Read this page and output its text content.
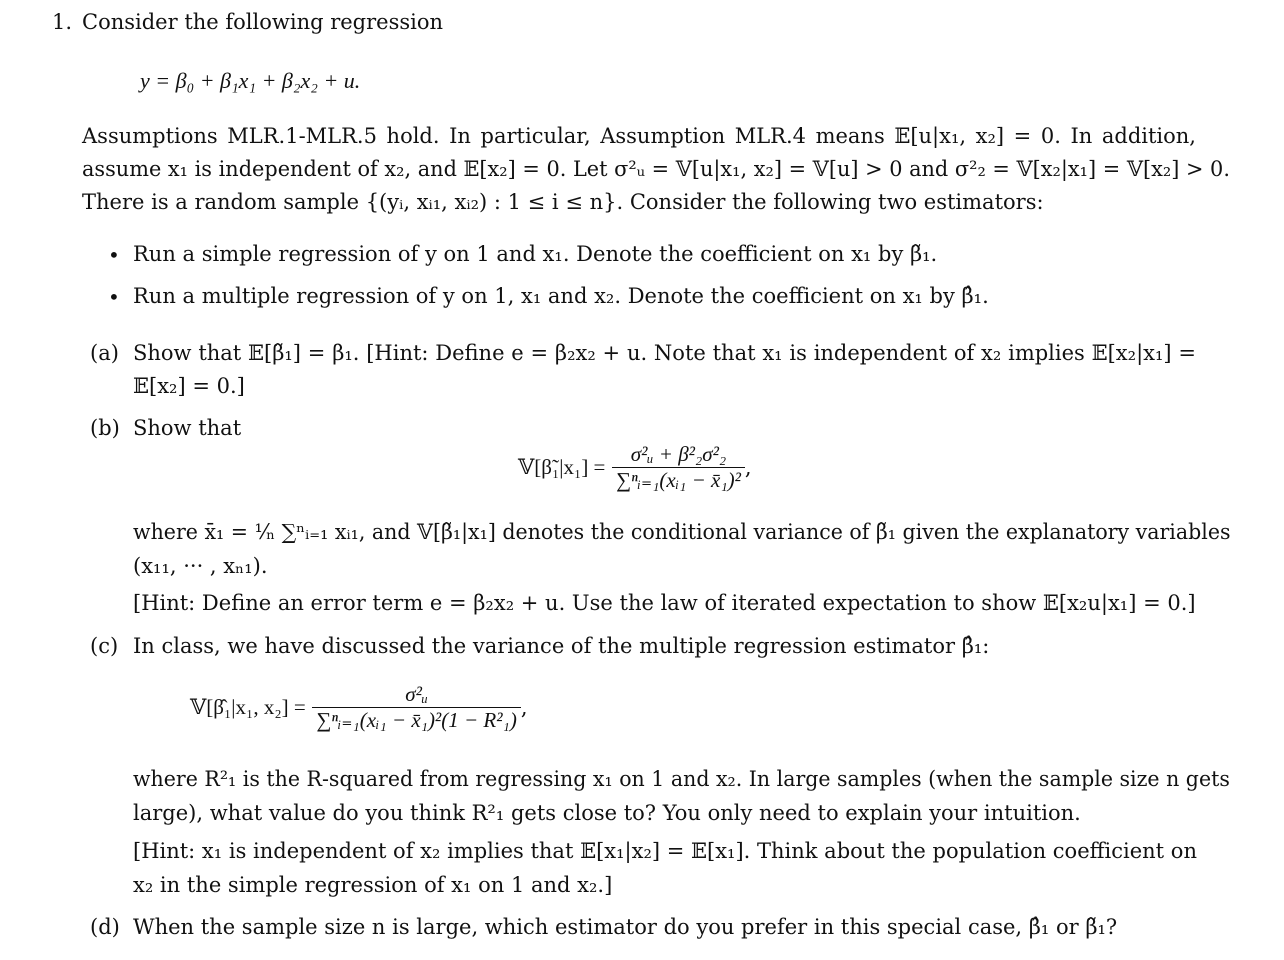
1. Consider the following regression
y = β₀ + β₁x₁ + β₂x₂ + u.
Assumptions MLR.1-MLR.5 hold. In particular, Assumption MLR.4 means 𝔼[u|x₁, x₂] = 0. In addition,
assume x₁ is independent of x₂, and 𝔼[x₂] = 0. Let σ²ᵤ = 𝕍[u|x₁, x₂] = 𝕍[u] > 0 and σ²₂ = 𝕍[x₂|x₁] = 𝕍[x₂] > 0.
There is a random sample {(yᵢ, xᵢ₁, xᵢ₂) : 1 ≤ i ≤ n}. Consider the following two estimators:
• Run a simple regression of y on 1 and x₁. Denote the coefficient on x₁ by β̃₁.
• Run a multiple regression of y on 1, x₁ and x₂. Denote the coefficient on x₁ by β̂₁.
(a) Show that 𝔼[β̃₁] = β₁. [Hint: Define e = β₂x₂ + u. Note that x₁ is independent of x₂ implies 𝔼[x₂|x₁] =
𝔼[x₂] = 0.]
(b) Show that
𝕍[β̃₁|x₁] = $\frac{\text{σ²ᵤ + β²₂σ²₂}}{\text{∑ⁿᵢ₌₁(xᵢ₁ − x̄₁)²}}$ ,
where x̄₁ = ¹⁄ₙ ∑ⁿᵢ₌₁ xᵢ₁, and 𝕍[β̃₁|x₁] denotes the conditional variance of β̃₁ given the explanatory variables
(x₁₁, ··· , xₙ₁).
[Hint: Define an error term e = β₂x₂ + u. Use the law of iterated expectation to show 𝔼[x₂u|x₁] = 0.]
(c) In class, we have discussed the variance of the multiple regression estimator β̂₁:
𝕍[β̂₁|x₁, $x_2] = \frac{\text{σ²ᵤ}}{\text{∑ⁿᵢ₌₁(xᵢ₁ − x̄₁)²(1 − R²₁)}}$ ,
where R²₁ is the R-squared from regressing x₁ on 1 and x₂. In large samples (when the sample size n gets
large), what value do you think R²₁ gets close to? You only need to explain your intuition.
[Hint: x₁ is independent of x₂ implies that 𝔼[x₁|x₂] = 𝔼[x₁]. Think about the population coefficient on
x₂ in the simple regression of x₁ on 1 and x₂.]
(d) When the sample size n is large, which estimator do you prefer in this special case, β̂₁ or β̃₁?
